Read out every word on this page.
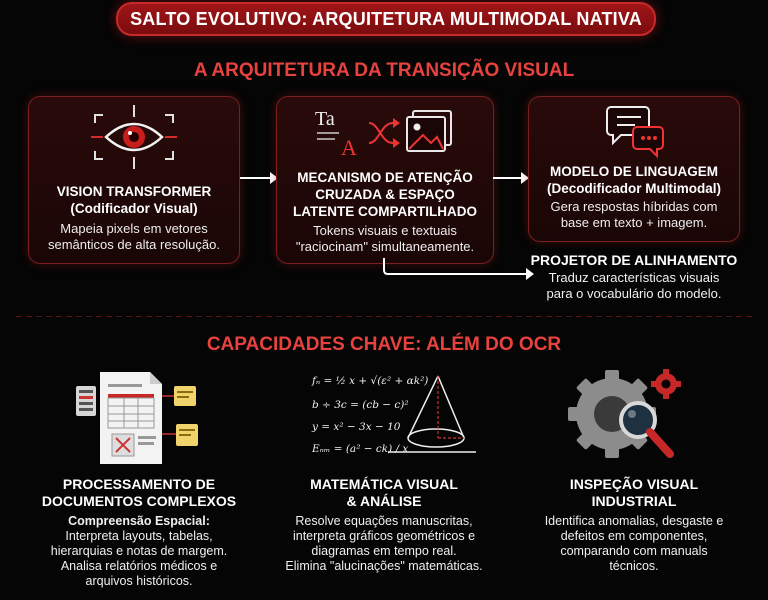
SALTO EVOLUTIVO: ARQUITETURA MULTIMODAL NATIVA
A ARQUITETURA DA TRANSIÇÃO VISUAL
VISION TRANSFORMER
(Codificador Visual)
Mapeia pixels em vetores
semânticos de alta resolução.
Ta
A
MECANISMO DE ATENÇÃO
CRUZADA & ESPAÇO
LATENTE COMPARTILHADO
Tokens visuais e textuais
"raciocinam" simultaneamente.
MODELO DE LINGUAGEM
(Decodificador Multimodal)
Gera respostas híbridas com
base em texto + imagem.
PROJETOR DE ALINHAMENTO
Traduz características visuais
para o vocabulário do modelo.
CAPACIDADES CHAVE: ALÉM DO OCR
fₙ = ½ x + √(ε² + αk²)
b ÷ 3c = (cb − c)²
y = x² − 3x − 10
Eₙₘ = (a² − ck) / x
PROCESSAMENTO DE
DOCUMENTOS COMPLEXOS
Compreensão Espacial:
Interpreta layouts, tabelas,
hierarquias e notas de margem.
Analisa relatórios médicos e
arquivos históricos.
MATEMÁTICA VISUAL
& ANÁLISE
Resolve equações manuscritas,
interpreta gráficos geométricos e
diagramas em tempo real.
Elimina "alucinações" matemáticas.
INSPEÇÃO VISUAL
INDUSTRIAL
Identifica anomalias, desgaste e
defeitos em componentes,
comparando com manuals
técnicos.
